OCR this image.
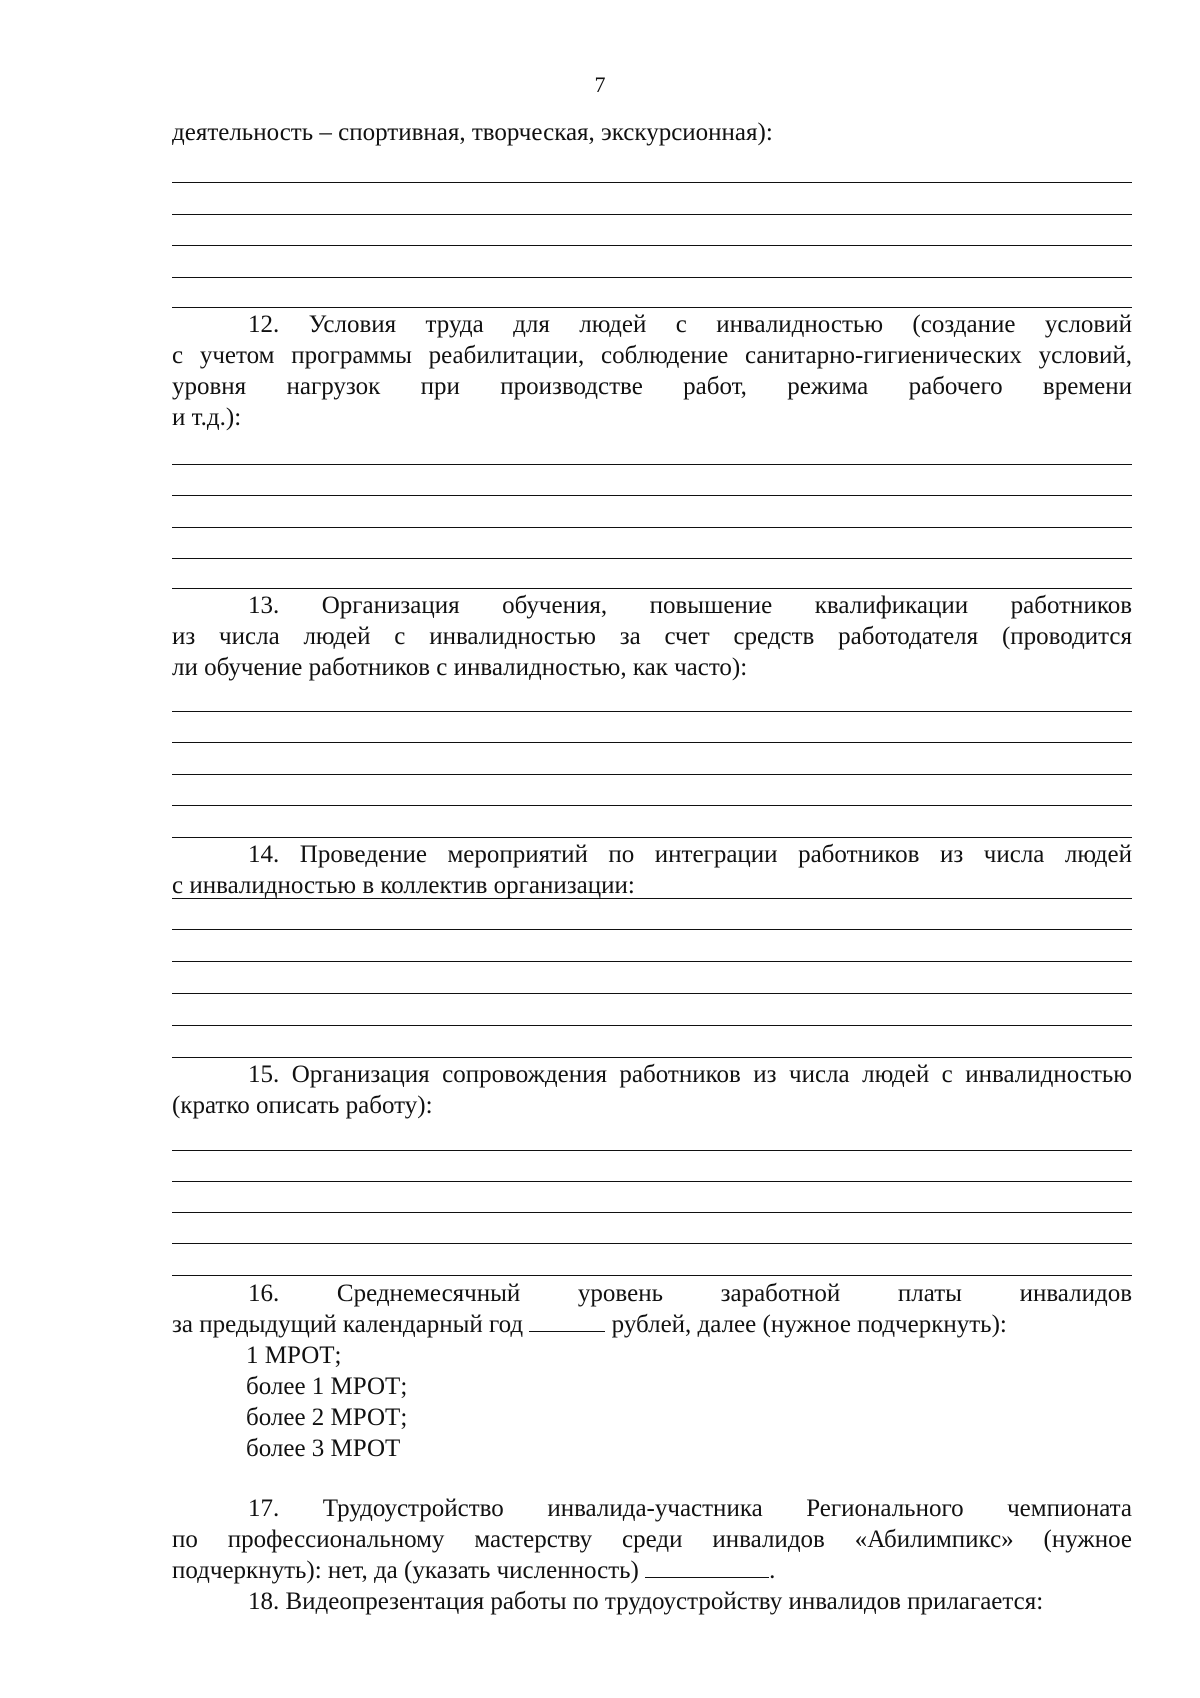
7
деятельность – спортивная, творческая, экскурсионная):
12. Условия труда для людей с инвалидностью (создание условий
с учетом программы реабилитации, соблюдение санитарно-гигиенических условий,
уровня нагрузок при производстве работ, режима рабочего времени
и т.д.):
13. Организация обучения, повышение квалификации работников
из числа людей с инвалидностью за счет средств работодателя (проводится
ли обучение работников с инвалидностью, как часто):
14. Проведение мероприятий по интеграции работников из числа людей
с инвалидностью в коллектив организации:
15. Организация сопровождения работников из числа людей с инвалидностью
(кратко описать работу):
16. Среднемесячный уровень заработной платы инвалидов
за предыдущий календарный год	рублей, далее (нужное подчеркнуть):
1 МРОТ;
более 1 МРОТ;
более 2 МРОТ;
более 3 МРОТ
17. Трудоустройство инвалида-участника Регионального чемпионата
по профессиональному мастерству среди инвалидов «Абилимпикс» (нужное
подчеркнуть): нет, да (указать численность)	.
18. Видеопрезентация работы по трудоустройству инвалидов прилагается:
